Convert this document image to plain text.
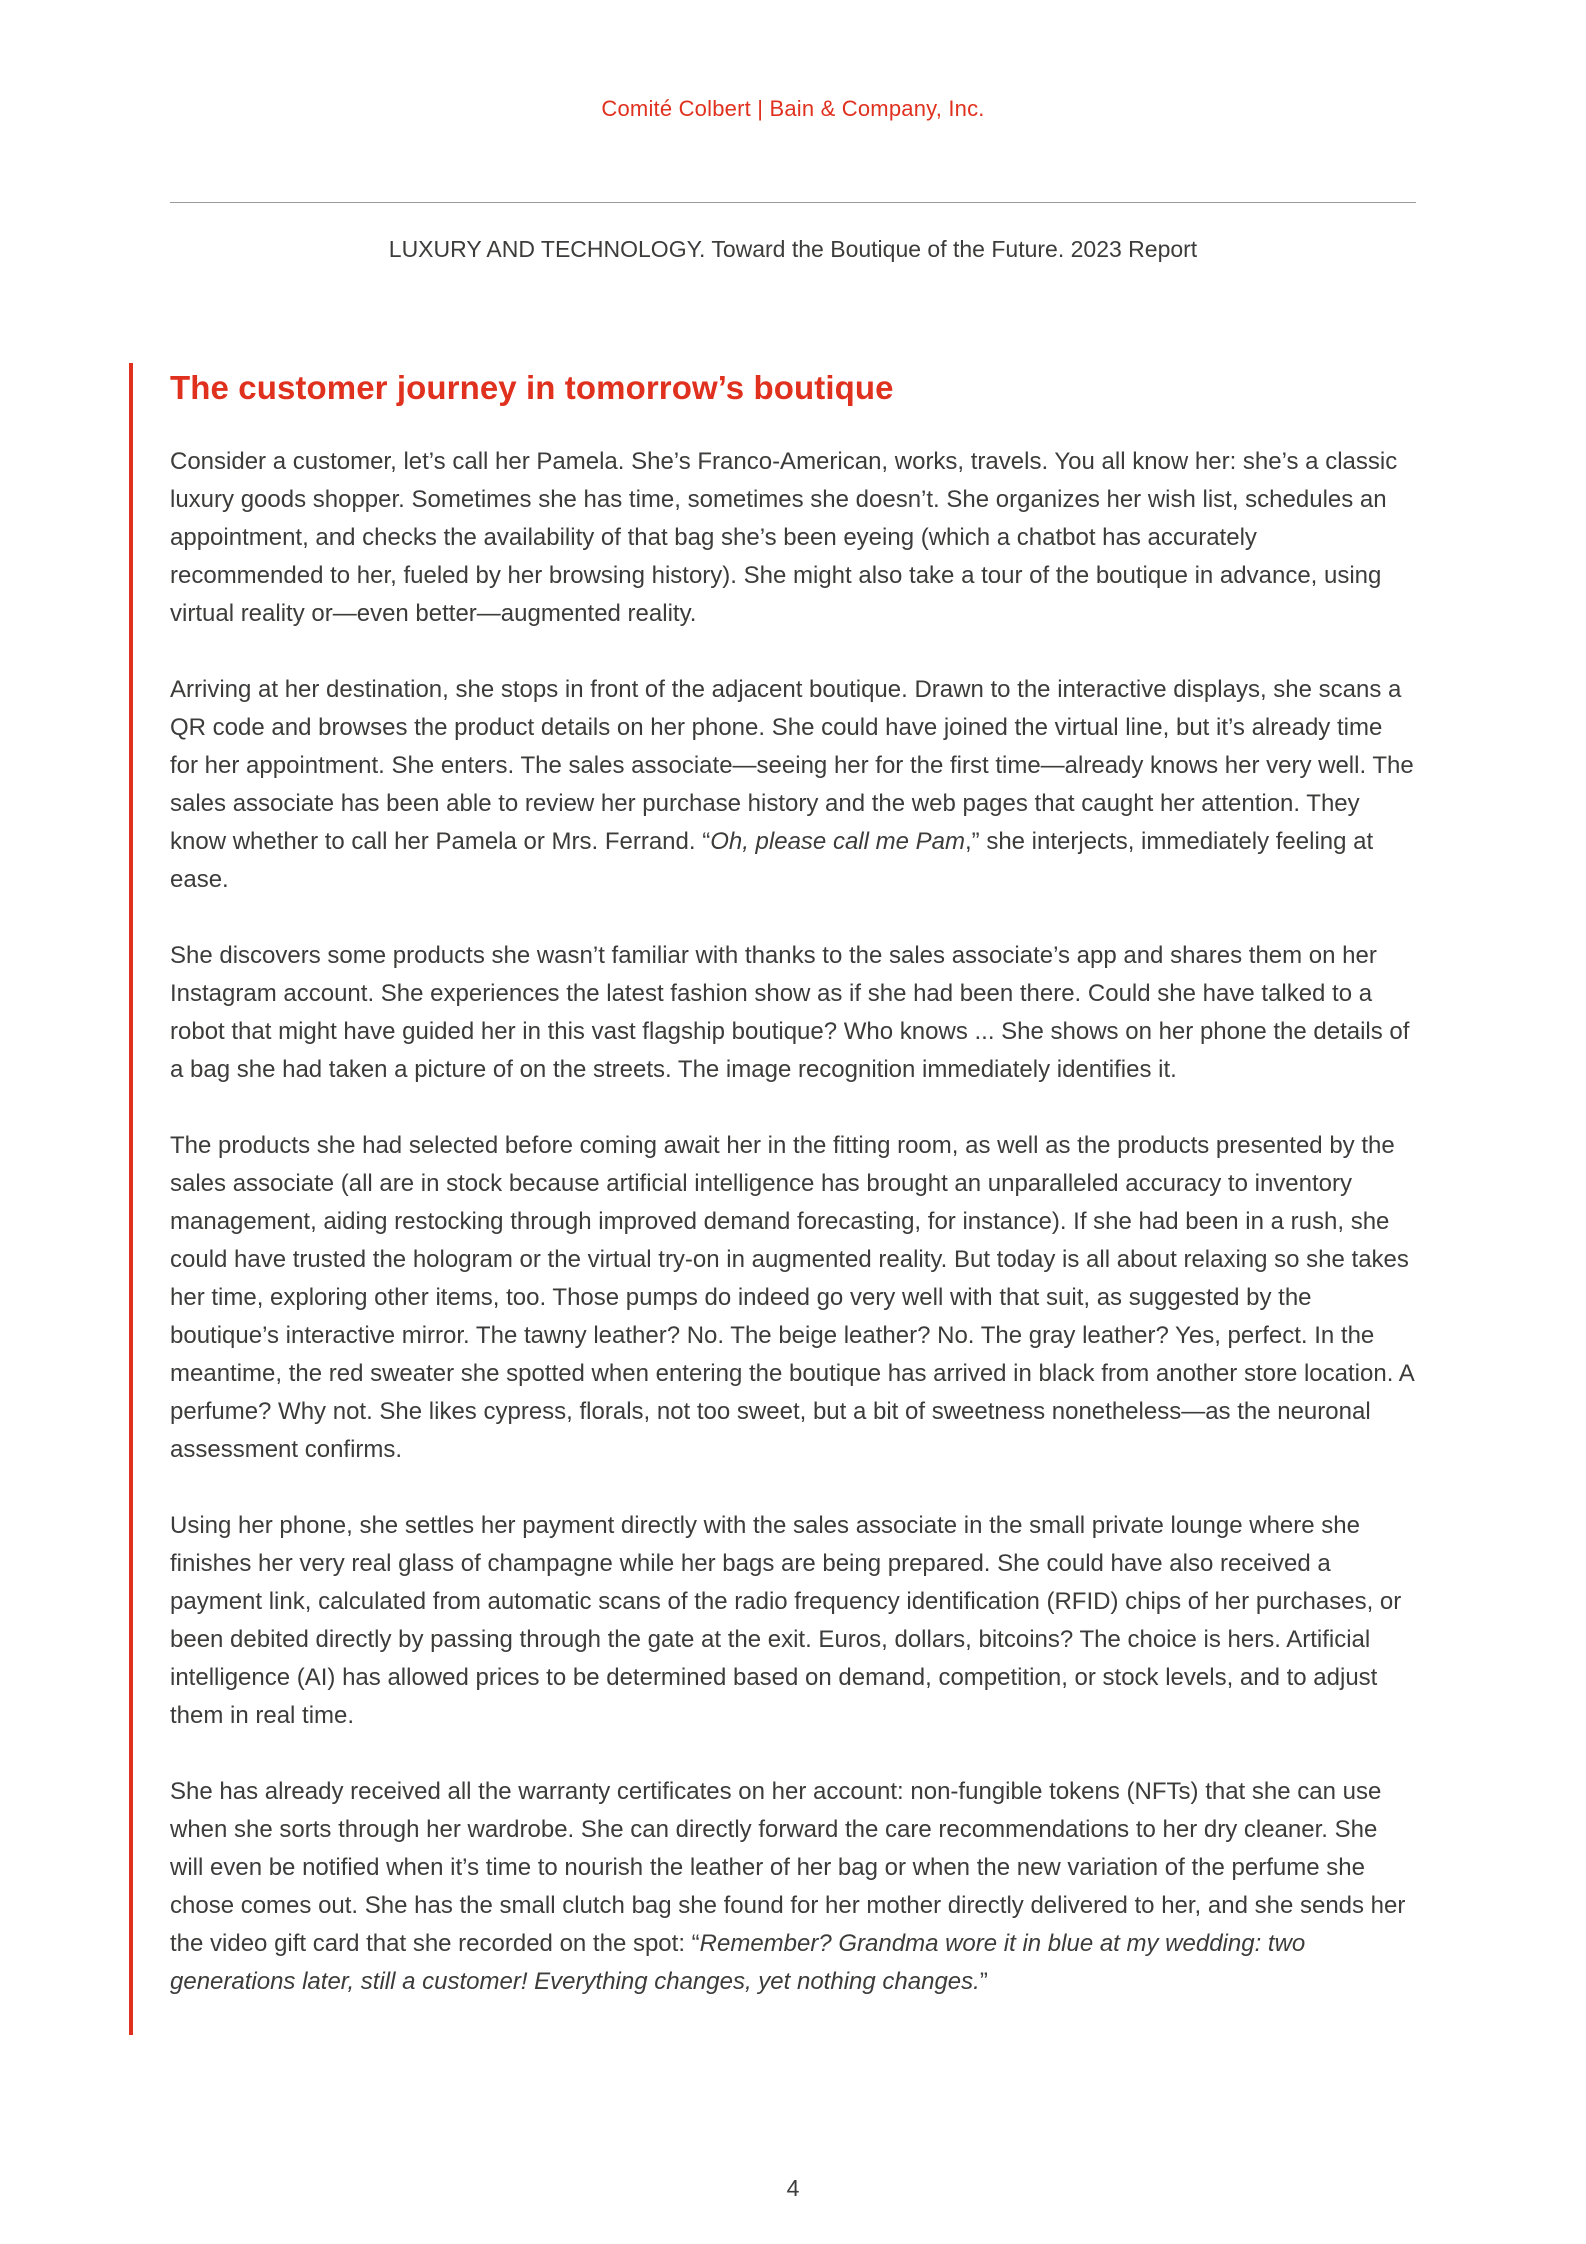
Comité Colbert | Bain & Company, Inc.
LUXURY AND TECHNOLOGY. Toward the Boutique of the Future. 2023 Report
The customer journey in tomorrow’s boutique

Consider a customer, let’s call her Pamela. She’s Franco-American, works, travels. You all know her: she’s a classic luxury goods shopper. Sometimes she has time, sometimes she doesn’t. She organizes her wish list, schedules an appointment, and checks the availability of that bag she’s been eyeing (which a chatbot has accurately recommended to her, fueled by her browsing history). She might also take a tour of the boutique in advance, using virtual reality or—even better—augmented reality.

Arriving at her destination, she stops in front of the adjacent boutique. Drawn to the interactive displays, she scans a QR code and browses the product details on her phone. She could have joined the virtual line, but it’s already time for her appointment. She enters. The sales associate—seeing her for the first time—already knows her very well. The sales associate has been able to review her purchase history and the web pages that caught her attention. They know whether to call her Pamela or Mrs. Ferrand. “Oh, please call me Pam,” she interjects, immediately feeling at ease.

She discovers some products she wasn’t familiar with thanks to the sales associate’s app and shares them on her Instagram account. She experiences the latest fashion show as if she had been there. Could she have talked to a robot that might have guided her in this vast flagship boutique? Who knows ... She shows on her phone the details of a bag she had taken a picture of on the streets. The image recognition immediately identifies it.

The products she had selected before coming await her in the fitting room, as well as the products presented by the sales associate (all are in stock because artificial intelligence has brought an unparalleled accuracy to inventory management, aiding restocking through improved demand forecasting, for instance). If she had been in a rush, she could have trusted the hologram or the virtual try-on in augmented reality. But today is all about relaxing so she takes her time, exploring other items, too. Those pumps do indeed go very well with that suit, as suggested by the boutique’s interactive mirror. The tawny leather? No. The beige leather? No. The gray leather? Yes, perfect. In the meantime, the red sweater she spotted when entering the boutique has arrived in black from another store location. A perfume? Why not. She likes cypress, florals, not too sweet, but a bit of sweetness nonetheless—as the neuronal assessment confirms.

Using her phone, she settles her payment directly with the sales associate in the small private lounge where she finishes her very real glass of champagne while her bags are being prepared. She could have also received a payment link, calculated from automatic scans of the radio frequency identification (RFID) chips of her purchases, or been debited directly by passing through the gate at the exit. Euros, dollars, bitcoins? The choice is hers. Artificial intelligence (AI) has allowed prices to be determined based on demand, competition, or stock levels, and to adjust them in real time.

She has already received all the warranty certificates on her account: non-fungible tokens (NFTs) that she can use when she sorts through her wardrobe. She can directly forward the care recommendations to her dry cleaner. She will even be notified when it’s time to nourish the leather of her bag or when the new variation of the perfume she chose comes out. She has the small clutch bag she found for her mother directly delivered to her, and she sends her the video gift card that she recorded on the spot: “Remember? Grandma wore it in blue at my wedding: two generations later, still a customer! Everything changes, yet nothing changes.”

4
